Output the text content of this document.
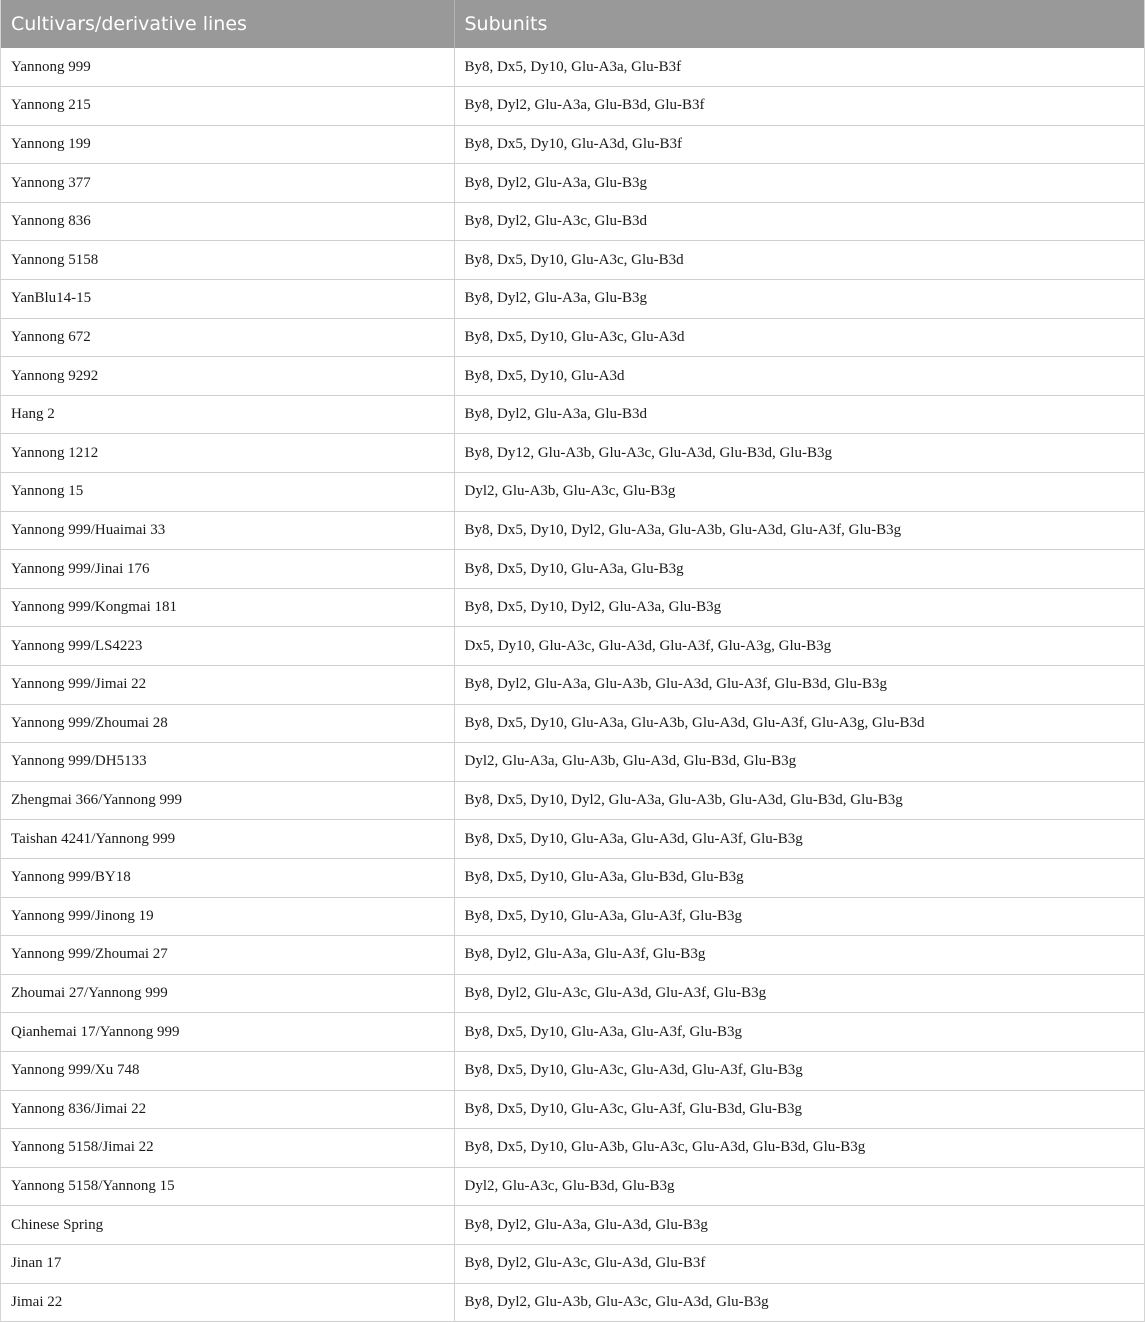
Cultivars/derivative lines	Subunits
Yannong 999	By8, Dx5, Dy10, Glu-A3a, Glu-B3f
Yannong 215	By8, Dyl2, Glu-A3a, Glu-B3d, Glu-B3f
Yannong 199	By8, Dx5, Dy10, Glu-A3d, Glu-B3f
Yannong 377	By8, Dyl2, Glu-A3a, Glu-B3g
Yannong 836	By8, Dyl2, Glu-A3c, Glu-B3d
Yannong 5158	By8, Dx5, Dy10, Glu-A3c, Glu-B3d
YanBlu14-15	By8, Dyl2, Glu-A3a, Glu-B3g
Yannong 672	By8, Dx5, Dy10, Glu-A3c, Glu-A3d
Yannong 9292	By8, Dx5, Dy10, Glu-A3d
Hang 2	By8, Dyl2, Glu-A3a, Glu-B3d
Yannong 1212	By8, Dy12, Glu-A3b, Glu-A3c, Glu-A3d, Glu-B3d, Glu-B3g
Yannong 15	Dyl2, Glu-A3b, Glu-A3c, Glu-B3g
Yannong 999/Huaimai 33	By8, Dx5, Dy10, Dyl2, Glu-A3a, Glu-A3b, Glu-A3d, Glu-A3f, Glu-B3g
Yannong 999/Jinai 176	By8, Dx5, Dy10, Glu-A3a, Glu-B3g
Yannong 999/Kongmai 181	By8, Dx5, Dy10, Dyl2, Glu-A3a, Glu-B3g
Yannong 999/LS4223	Dx5, Dy10, Glu-A3c, Glu-A3d, Glu-A3f, Glu-A3g, Glu-B3g
Yannong 999/Jimai 22	By8, Dyl2, Glu-A3a, Glu-A3b, Glu-A3d, Glu-A3f, Glu-B3d, Glu-B3g
Yannong 999/Zhoumai 28	By8, Dx5, Dy10, Glu-A3a, Glu-A3b, Glu-A3d, Glu-A3f, Glu-A3g, Glu-B3d
Yannong 999/DH5133	Dyl2, Glu-A3a, Glu-A3b, Glu-A3d, Glu-B3d, Glu-B3g
Zhengmai 366/Yannong 999	By8, Dx5, Dy10, Dyl2, Glu-A3a, Glu-A3b, Glu-A3d, Glu-B3d, Glu-B3g
Taishan 4241/Yannong 999	By8, Dx5, Dy10, Glu-A3a, Glu-A3d, Glu-A3f, Glu-B3g
Yannong 999/BY18	By8, Dx5, Dy10, Glu-A3a, Glu-B3d, Glu-B3g
Yannong 999/Jinong 19	By8, Dx5, Dy10, Glu-A3a, Glu-A3f, Glu-B3g
Yannong 999/Zhoumai 27	By8, Dyl2, Glu-A3a, Glu-A3f, Glu-B3g
Zhoumai 27/Yannong 999	By8, Dyl2, Glu-A3c, Glu-A3d, Glu-A3f, Glu-B3g
Qianhemai 17/Yannong 999	By8, Dx5, Dy10, Glu-A3a, Glu-A3f, Glu-B3g
Yannong 999/Xu 748	By8, Dx5, Dy10, Glu-A3c, Glu-A3d, Glu-A3f, Glu-B3g
Yannong 836/Jimai 22	By8, Dx5, Dy10, Glu-A3c, Glu-A3f, Glu-B3d, Glu-B3g
Yannong 5158/Jimai 22	By8, Dx5, Dy10, Glu-A3b, Glu-A3c, Glu-A3d, Glu-B3d, Glu-B3g
Yannong 5158/Yannong 15	Dyl2, Glu-A3c, Glu-B3d, Glu-B3g
Chinese Spring	By8, Dyl2, Glu-A3a, Glu-A3d, Glu-B3g
Jinan 17	By8, Dyl2, Glu-A3c, Glu-A3d, Glu-B3f
Jimai 22	By8, Dyl2, Glu-A3b, Glu-A3c, Glu-A3d, Glu-B3g
